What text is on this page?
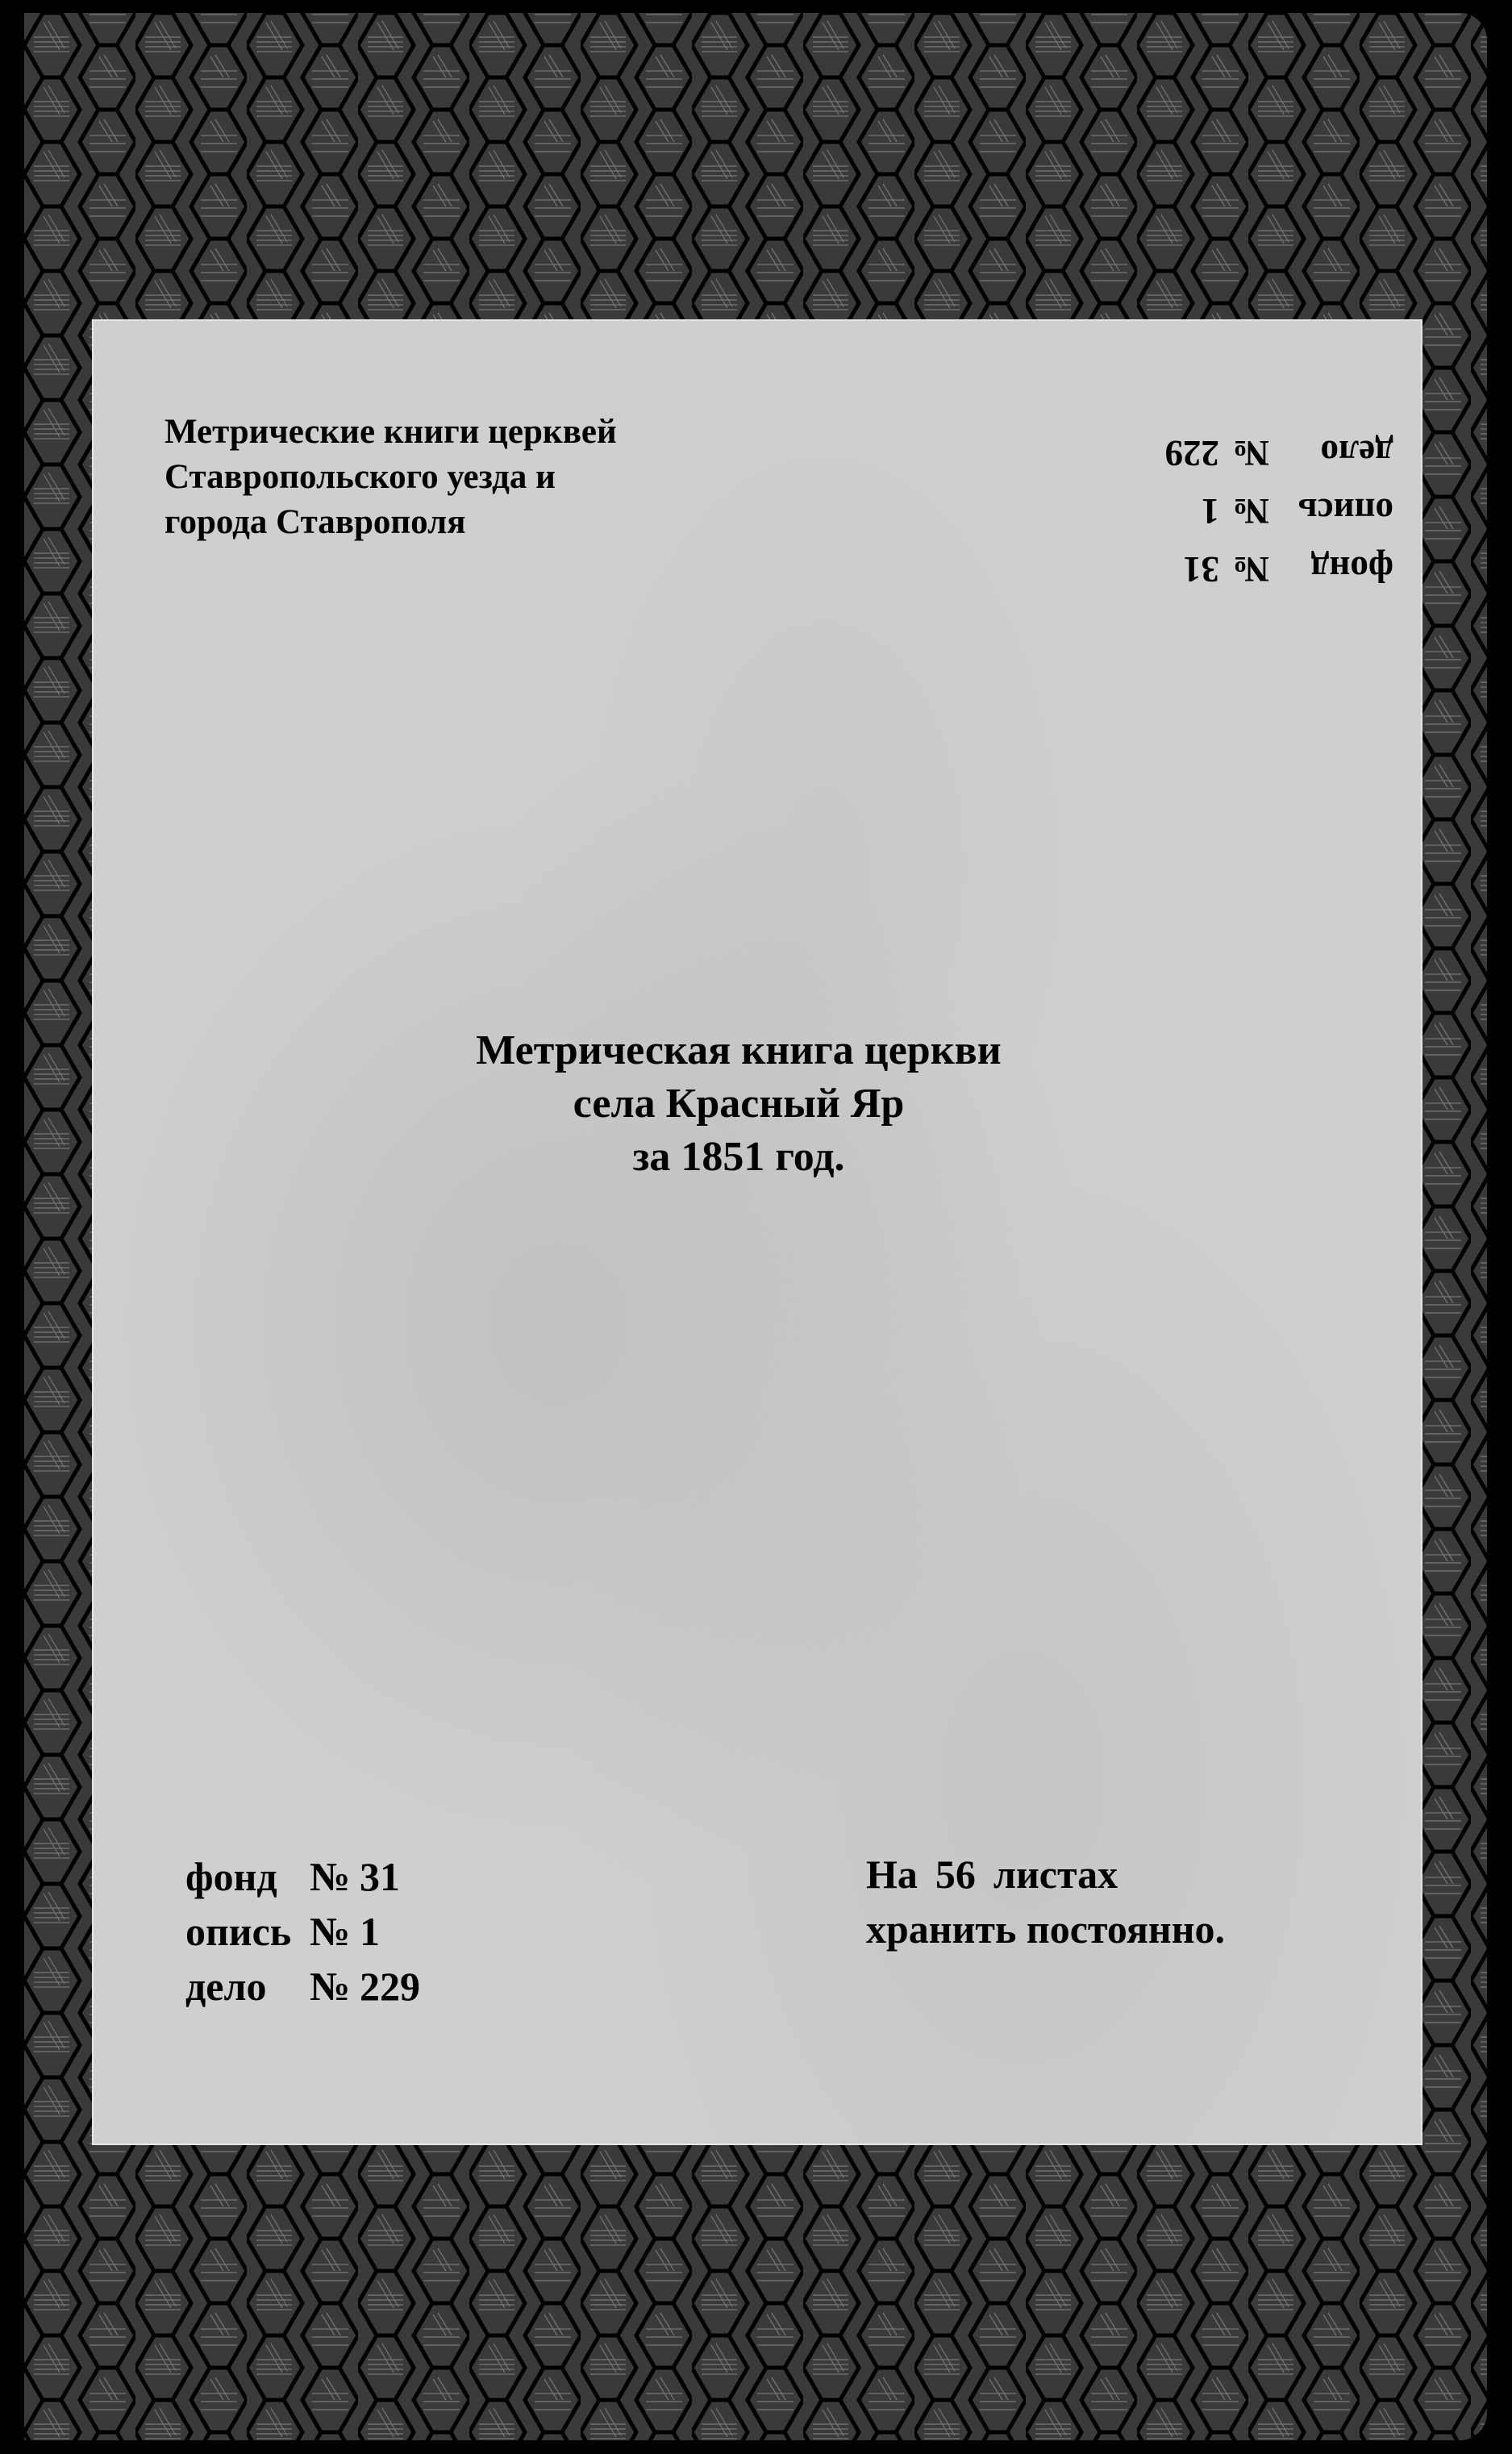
Метрические книги церквей
Ставропольского уезда и
города Ставрополя
фонд№31
опись№1
дело№229
Метрическая книга церкви
села Красный Яр
за 1851 год.
фонд № 31
опись № 1
дело № 229
На 56 листах
хранить постоянно.
